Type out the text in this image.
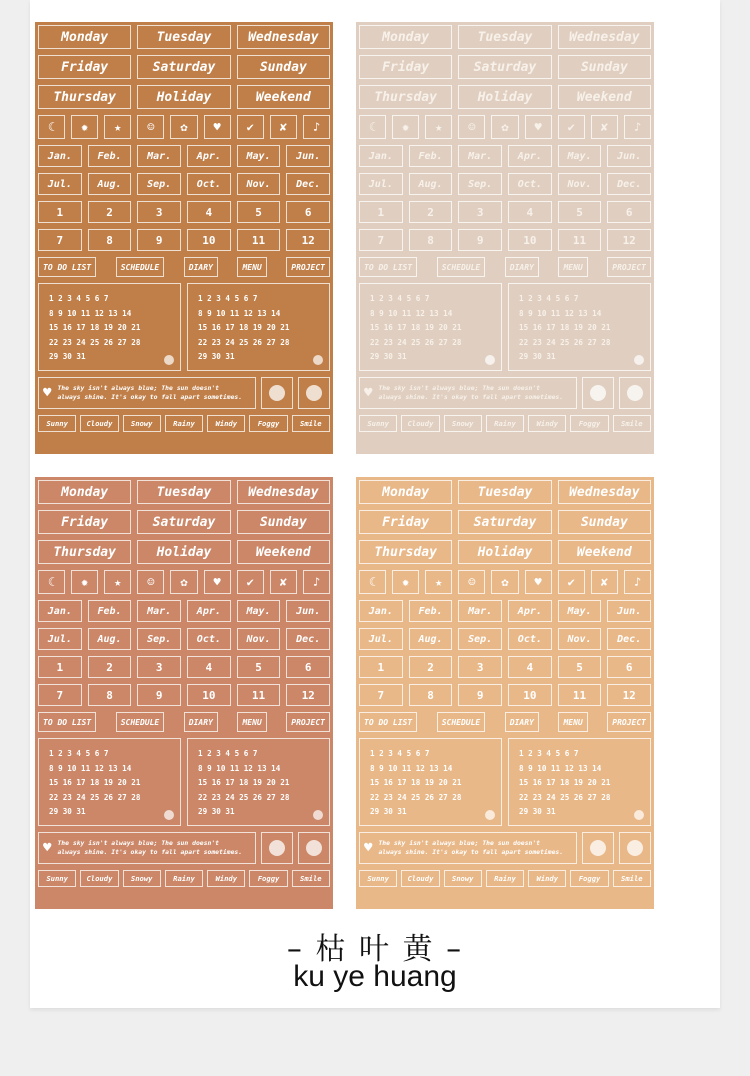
Monday	Tuesday	Wednesday
Friday	Saturday	Sunday
Thursday	Holiday	Weekend
☾	✹	★	☺	✿	♥	✔	✘	♪
Jan.	Feb.	Mar.	Apr.	May.	Jun.
Jul.	Aug.	Sep.	Oct.	Nov.	Dec.
1	2	3	4	5	6
7	8	9	10	11	12
TO DO LIST	SCHEDULE	DIARY	MENU	PROJECT
1 2 3 4 5 6 7
8 9 10 11 12 13 14
15 16 17 18 19 20 21
22 23 24 25 26 27 28
29 30 31
1 2 3 4 5 6 7
8 9 10 11 12 13 14
15 16 17 18 19 20 21
22 23 24 25 26 27 28
29 30 31
♥ The sky isn't always blue; The sun doesn't
always shine. It's okay to fall apart sometimes.
Sunny	Cloudy	Snowy	Rainy	Windy	Foggy	Smile
Monday	Tuesday	Wednesday
Friday	Saturday	Sunday
Thursday	Holiday	Weekend
☾	✹	★	☺	✿	♥	✔	✘	♪
Jan.	Feb.	Mar.	Apr.	May.	Jun.
Jul.	Aug.	Sep.	Oct.	Nov.	Dec.
1	2	3	4	5	6
7	8	9	10	11	12
TO DO LIST	SCHEDULE	DIARY	MENU	PROJECT
1 2 3 4 5 6 7
8 9 10 11 12 13 14
15 16 17 18 19 20 21
22 23 24 25 26 27 28
29 30 31
1 2 3 4 5 6 7
8 9 10 11 12 13 14
15 16 17 18 19 20 21
22 23 24 25 26 27 28
29 30 31
♥ The sky isn't always blue; The sun doesn't
always shine. It's okay to fall apart sometimes.
Sunny	Cloudy	Snowy	Rainy	Windy	Foggy	Smile
Monday	Tuesday	Wednesday
Friday	Saturday	Sunday
Thursday	Holiday	Weekend
☾	✹	★	☺	✿	♥	✔	✘	♪
Jan.	Feb.	Mar.	Apr.	May.	Jun.
Jul.	Aug.	Sep.	Oct.	Nov.	Dec.
1	2	3	4	5	6
7	8	9	10	11	12
TO DO LIST	SCHEDULE	DIARY	MENU	PROJECT
1 2 3 4 5 6 7
8 9 10 11 12 13 14
15 16 17 18 19 20 21
22 23 24 25 26 27 28
29 30 31
1 2 3 4 5 6 7
8 9 10 11 12 13 14
15 16 17 18 19 20 21
22 23 24 25 26 27 28
29 30 31
♥ The sky isn't always blue; The sun doesn't
always shine. It's okay to fall apart sometimes.
Sunny	Cloudy	Snowy	Rainy	Windy	Foggy	Smile
Monday	Tuesday	Wednesday
Friday	Saturday	Sunday
Thursday	Holiday	Weekend
☾	✹	★	☺	✿	♥	✔	✘	♪
Jan.	Feb.	Mar.	Apr.	May.	Jun.
Jul.	Aug.	Sep.	Oct.	Nov.	Dec.
1	2	3	4	5	6
7	8	9	10	11	12
TO DO LIST	SCHEDULE	DIARY	MENU	PROJECT
1 2 3 4 5 6 7
8 9 10 11 12 13 14
15 16 17 18 19 20 21
22 23 24 25 26 27 28
29 30 31
1 2 3 4 5 6 7
8 9 10 11 12 13 14
15 16 17 18 19 20 21
22 23 24 25 26 27 28
29 30 31
♥ The sky isn't always blue; The sun doesn't
always shine. It's okay to fall apart sometimes.
Sunny	Cloudy	Snowy	Rainy	Windy	Foggy	Smile
– 枯 叶 黄 –
ku ye huang
